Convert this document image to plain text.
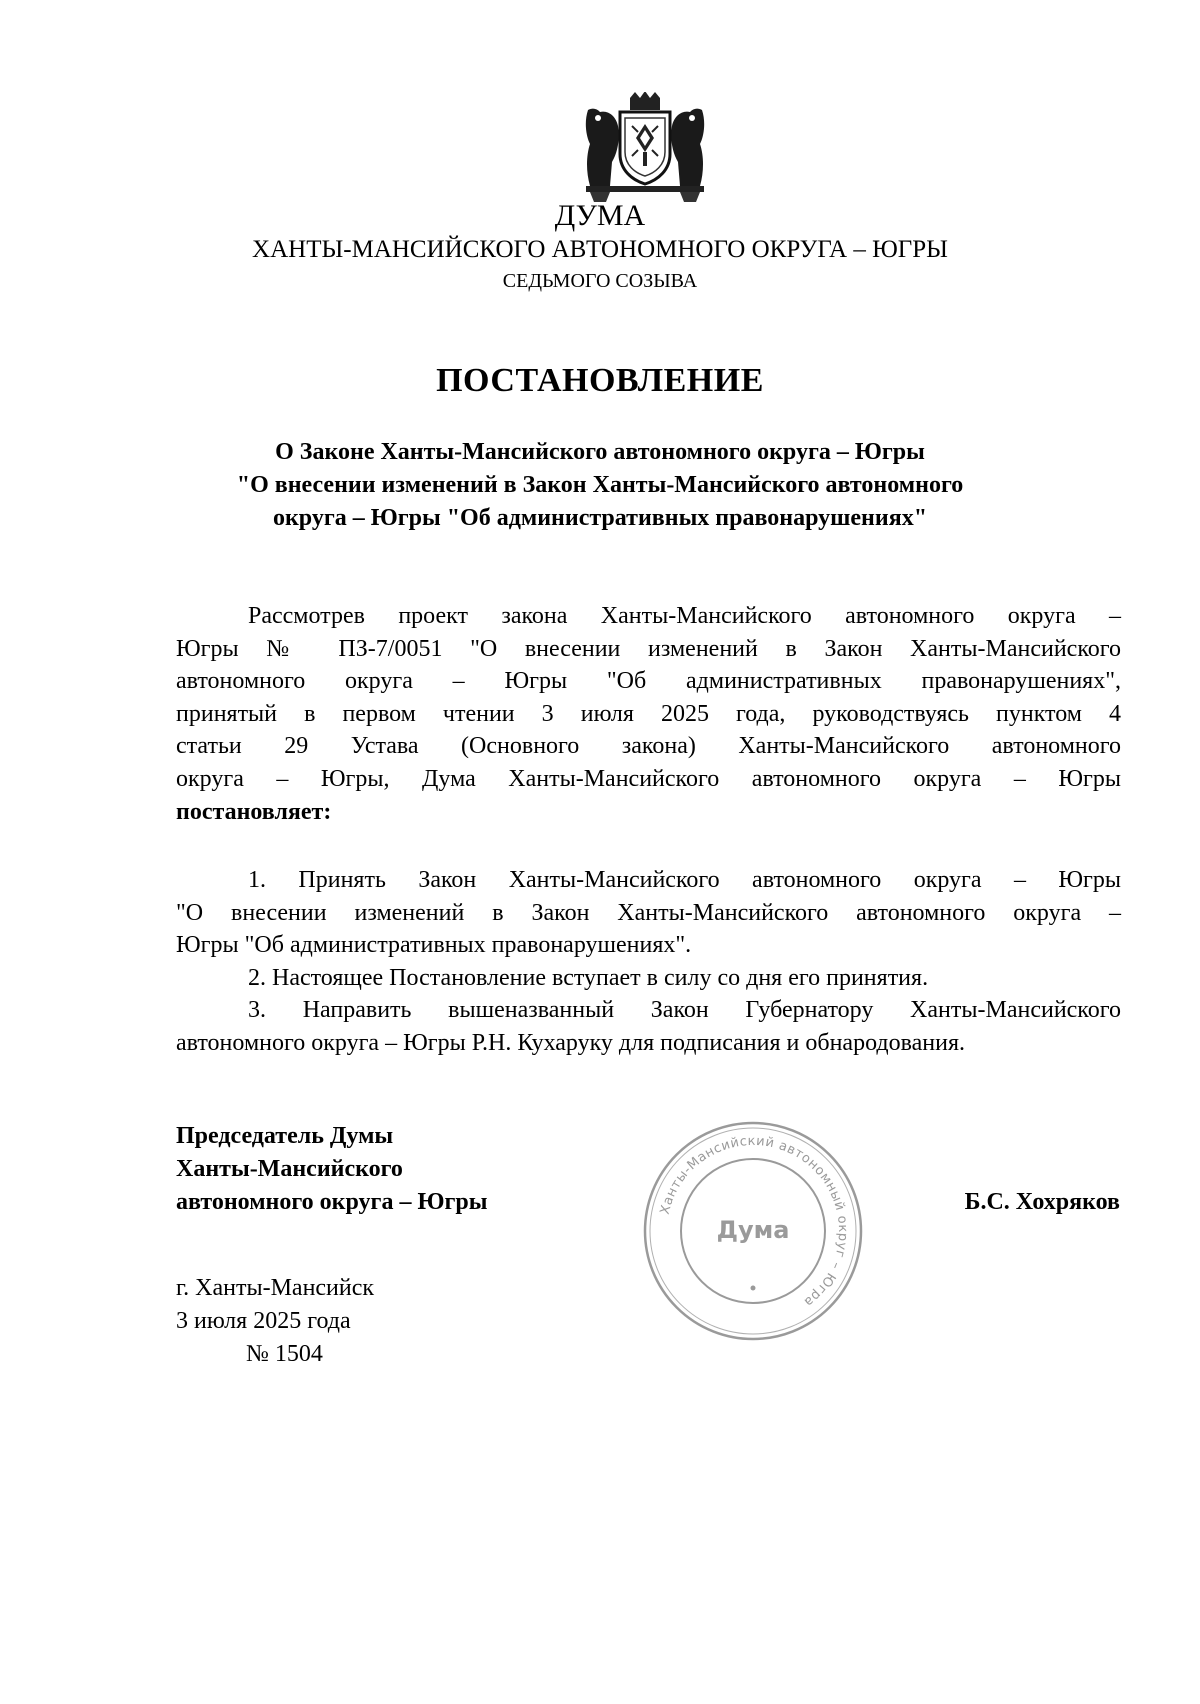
ДУМА
ХАНТЫ-МАНСИЙСКОГО АВТОНОМНОГО ОКРУГА – ЮГРЫ
СЕДЬМОГО СОЗЫВА
ПОСТАНОВЛЕНИЕ
О Законе Ханты-Мансийского автономного округа – Югры
"О внесении изменений в Закон Ханты-Мансийского автономного
округа – Югры "Об административных правонарушениях"
Рассмотрев проект закона Ханты-Мансийского автономного округа –
Югры № ПЗ-7/0051 "О внесении изменений в Закон Ханты-Мансийского
автономного округа – Югры "Об административных правонарушениях",
принятый в первом чтении 3 июля 2025 года, руководствуясь пунктом 4
статьи 29 Устава (Основного закона) Ханты-Мансийского автономного
округа – Югры, Дума Ханты-Мансийского автономного округа – Югры
постановляет:
1. Принять Закон Ханты-Мансийского автономного округа – Югры
"О внесении изменений в Закон Ханты-Мансийского автономного округа –
Югры "Об административных правонарушениях".
2. Настоящее Постановление вступает в силу со дня его принятия.
3. Направить вышеназванный Закон Губернатору Ханты-Мансийского
автономного округа – Югры Р.Н. Кухаруку для подписания и обнародования.
Председатель Думы
Ханты-Мансийского
автономного округа – Югры	Б.С. Хохряков
Ханты-Мансийский автономный округ – Югра
Дума
г. Ханты-Мансийск
3 июля 2025 года
№ 1504
